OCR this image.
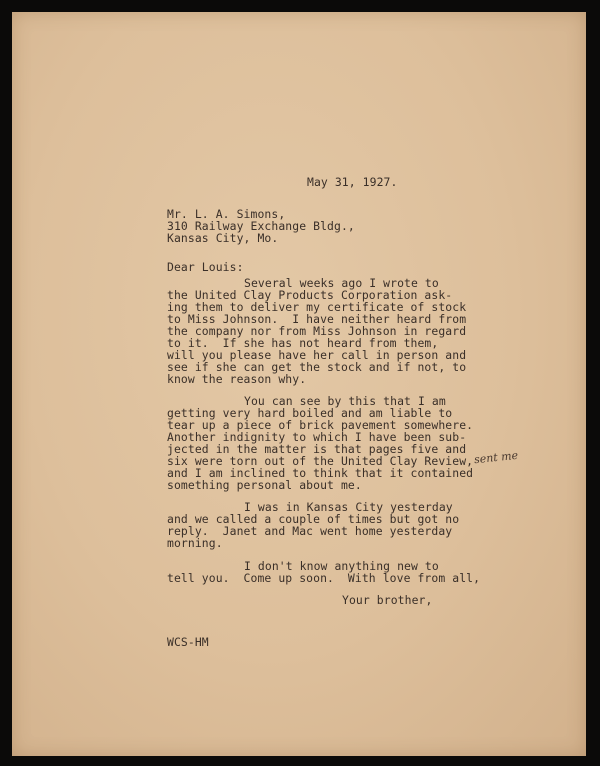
May 31, 1927.
Mr. L. A. Simons,
310 Railway Exchange Bldg.,
Kansas City, Mo.
Dear Louis:
Several weeks ago I wrote to
the United Clay Products Corporation ask-
ing them to deliver my certificate of stock
to Miss Johnson.  I have neither heard from
the company nor from Miss Johnson in regard
to it.  If she has not heard from them,
will you please have her call in person and
see if she can get the stock and if not, to
know the reason why.
You can see by this that I am
getting very hard boiled and am liable to
tear up a piece of brick pavement somewhere.
Another indignity to which I have been sub-
jected in the matter is that pages five and
six were torn out of the United Clay Review,
and I am inclined to think that it contained
something personal about me.
sent me
I was in Kansas City yesterday
and we called a couple of times but got no
reply.  Janet and Mac went home yesterday
morning.
I don't know anything new to
tell you.  Come up soon.  With love from all,
Your brother,
WCS-HM
